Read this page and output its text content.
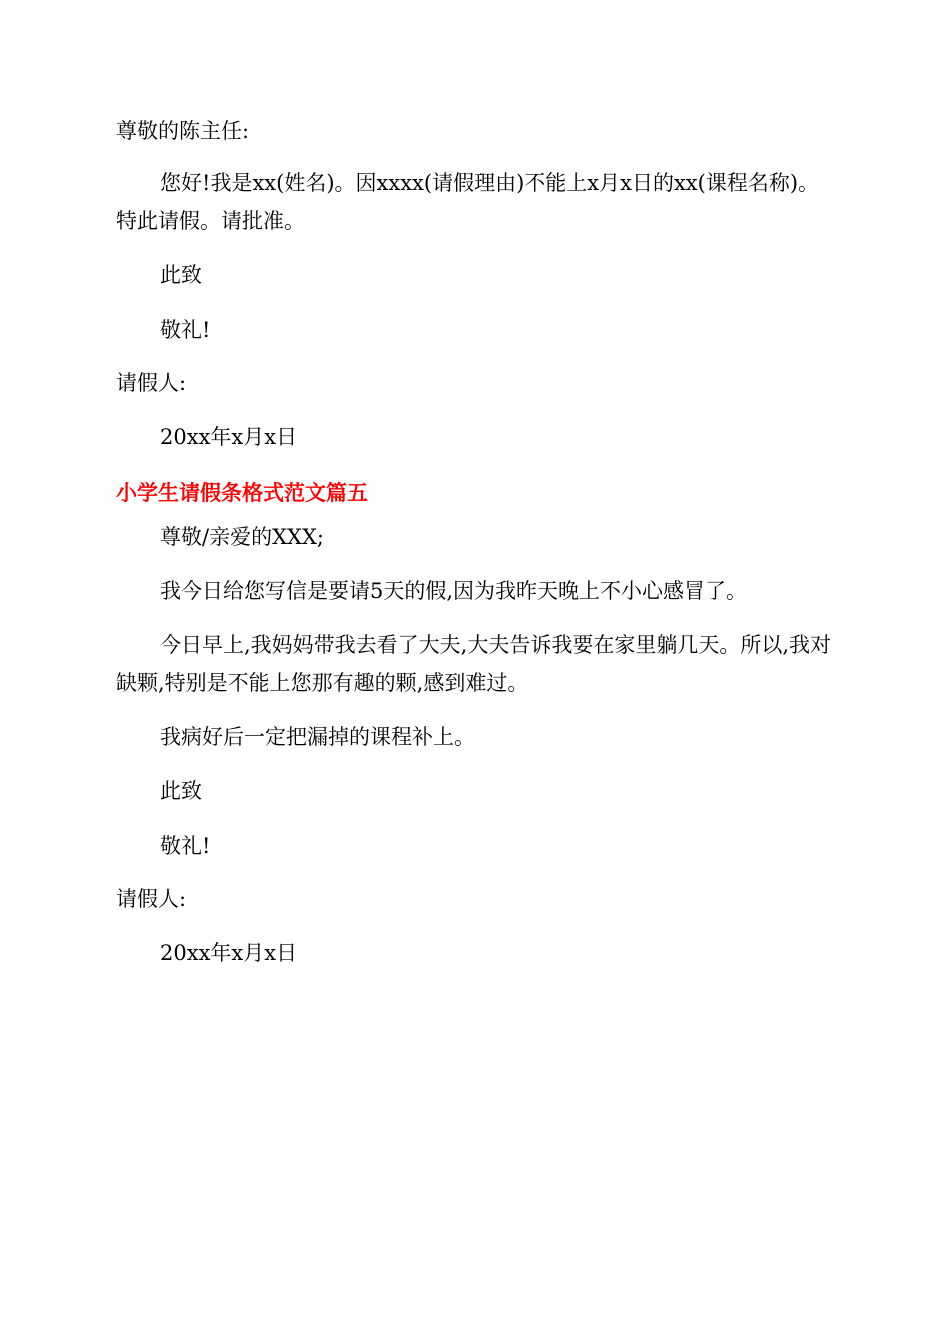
尊敬的陈主任:
您好!我是xx(姓名)。因xxxx(请假理由)不能上x月x日的xx(课程名称)。特此请假。请批准。
此致
敬礼!
请假人:
20xx年x月x日
小学生请假条格式范文篇五
尊敬/亲爱的XXX;
我今日给您写信是要请5天的假,因为我昨天晚上不小心感冒了。
今日早上,我妈妈带我去看了大夫,大夫告诉我要在家里躺几天。所以,我对缺颗,特别是不能上您那有趣的颗,感到难过。
我病好后一定把漏掉的课程补上。
此致
敬礼!
请假人:
20xx年x月x日
